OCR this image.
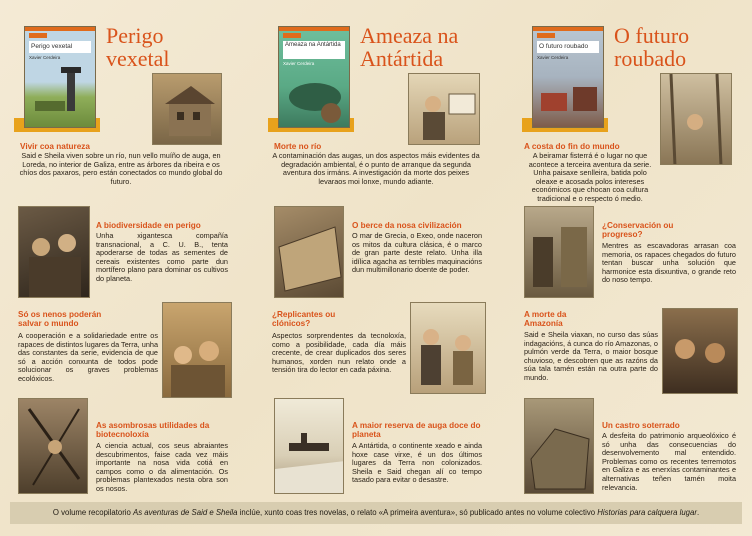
Perigo vexetal
Xavier Cerdeira
Perigo vexetal
Vivir coa natureza
Said e Sheila viven sobre un río, nun vello muíño de auga, en Loreda, no interior de Galiza, entre as árbores da ribeira e os chíos dos paxaros, pero están conectados co mundo global do futuro.
A biodiversidade en perigo
Unha xigantesca compañía transnacional, a C. U. B., tenta apoderarse de todas as sementes de cereais existentes como parte dun mortífero plano para dominar os cultivos do planeta.
Só os nenos poderán salvar o mundo
A cooperación e a solidariedade entre os rapaces de distintos lugares da Terra, unha das constantes da serie, evidencia de que só a acción conxunta de todos pode solucionar os graves problemas ecolóxicos.
As asombrosas utilidades da biotecnoloxía
A ciencia actual, cos seus abraiantes descubrimentos, faise cada vez máis importante na nosa vida cotiá en campos como o da alimentación. Os problemas plantexados nesta obra son os nosos.
Ameaza na Antártida
Xavier Cerdeira
Ameaza na Antártida
Morte no río
A contaminación das augas, un dos aspectos máis evidentes da degradación ambiental, é o punto de arranque da segunda aventura dos irmáns. A investigación da morte dos peixes levaraos moi lonxe, mundo adiante.
O berce da nosa civilización
O mar de Grecia, o Exeo, onde naceron os mitos da cultura clásica, é o marco de gran parte deste relato. Unha illa idílica agacha as terribles maquinacións dun multimillonario doente de poder.
¿Replicantes ou clónicos?
Aspectos sorprendentes da tecnoloxía, como a posibilidade, cada día máis crecente, de crear duplicados dos seres humanos, xorden nun relato onde a tensión tira do lector en cada páxina.
A maior reserva de auga doce do planeta
A Antártida, o continente xeado e ainda hoxe case virxe, é un dos últimos lugares da Terra non colonizados. Sheila e Said chegan alí co tempo tasado para evitar o desastre.
O futuro roubado
Xavier Cerdeira
O futuro roubado
A costa do fin do mundo
A beiramar fisterrá é o lugar no que acontece a terceira aventura da serie. Unha paisaxe senlleira, batida polo oleaxe e acosada polos intereses económicos que chocan coa cultura tradicional e o respecto ó medio.
¿Conservación ou progreso?
Mentres as escavadoras arrasan coa memoria, os rapaces chegados do futuro tentan buscar unha solución que harmonice esta disxuntiva, o grande reto do noso tempo.
A morte da Amazonía
Said e Sheila viaxan, no curso das súas indagacións, á cunca do río Amazonas, o pulmón verde da Terra, o maior bosque chuvioso, e descobren que as razóns da súa tala tamén están na outra parte do mundo.
Un castro soterrado
A desfeita do patrimonio arqueolóxico é só unha das consecuencias do desenvolvemento mal entendido. Problemas como os recentes terremotos en Galiza e as enerxías contaminantes e alternativas teñen tamén moita relevancia.
O volume recopilatorio As aventuras de Said e Sheila inclúe, xunto coas tres novelas, o relato «A primeira aventura», só publicado antes no volume colectivo Historias para calquera lugar.
